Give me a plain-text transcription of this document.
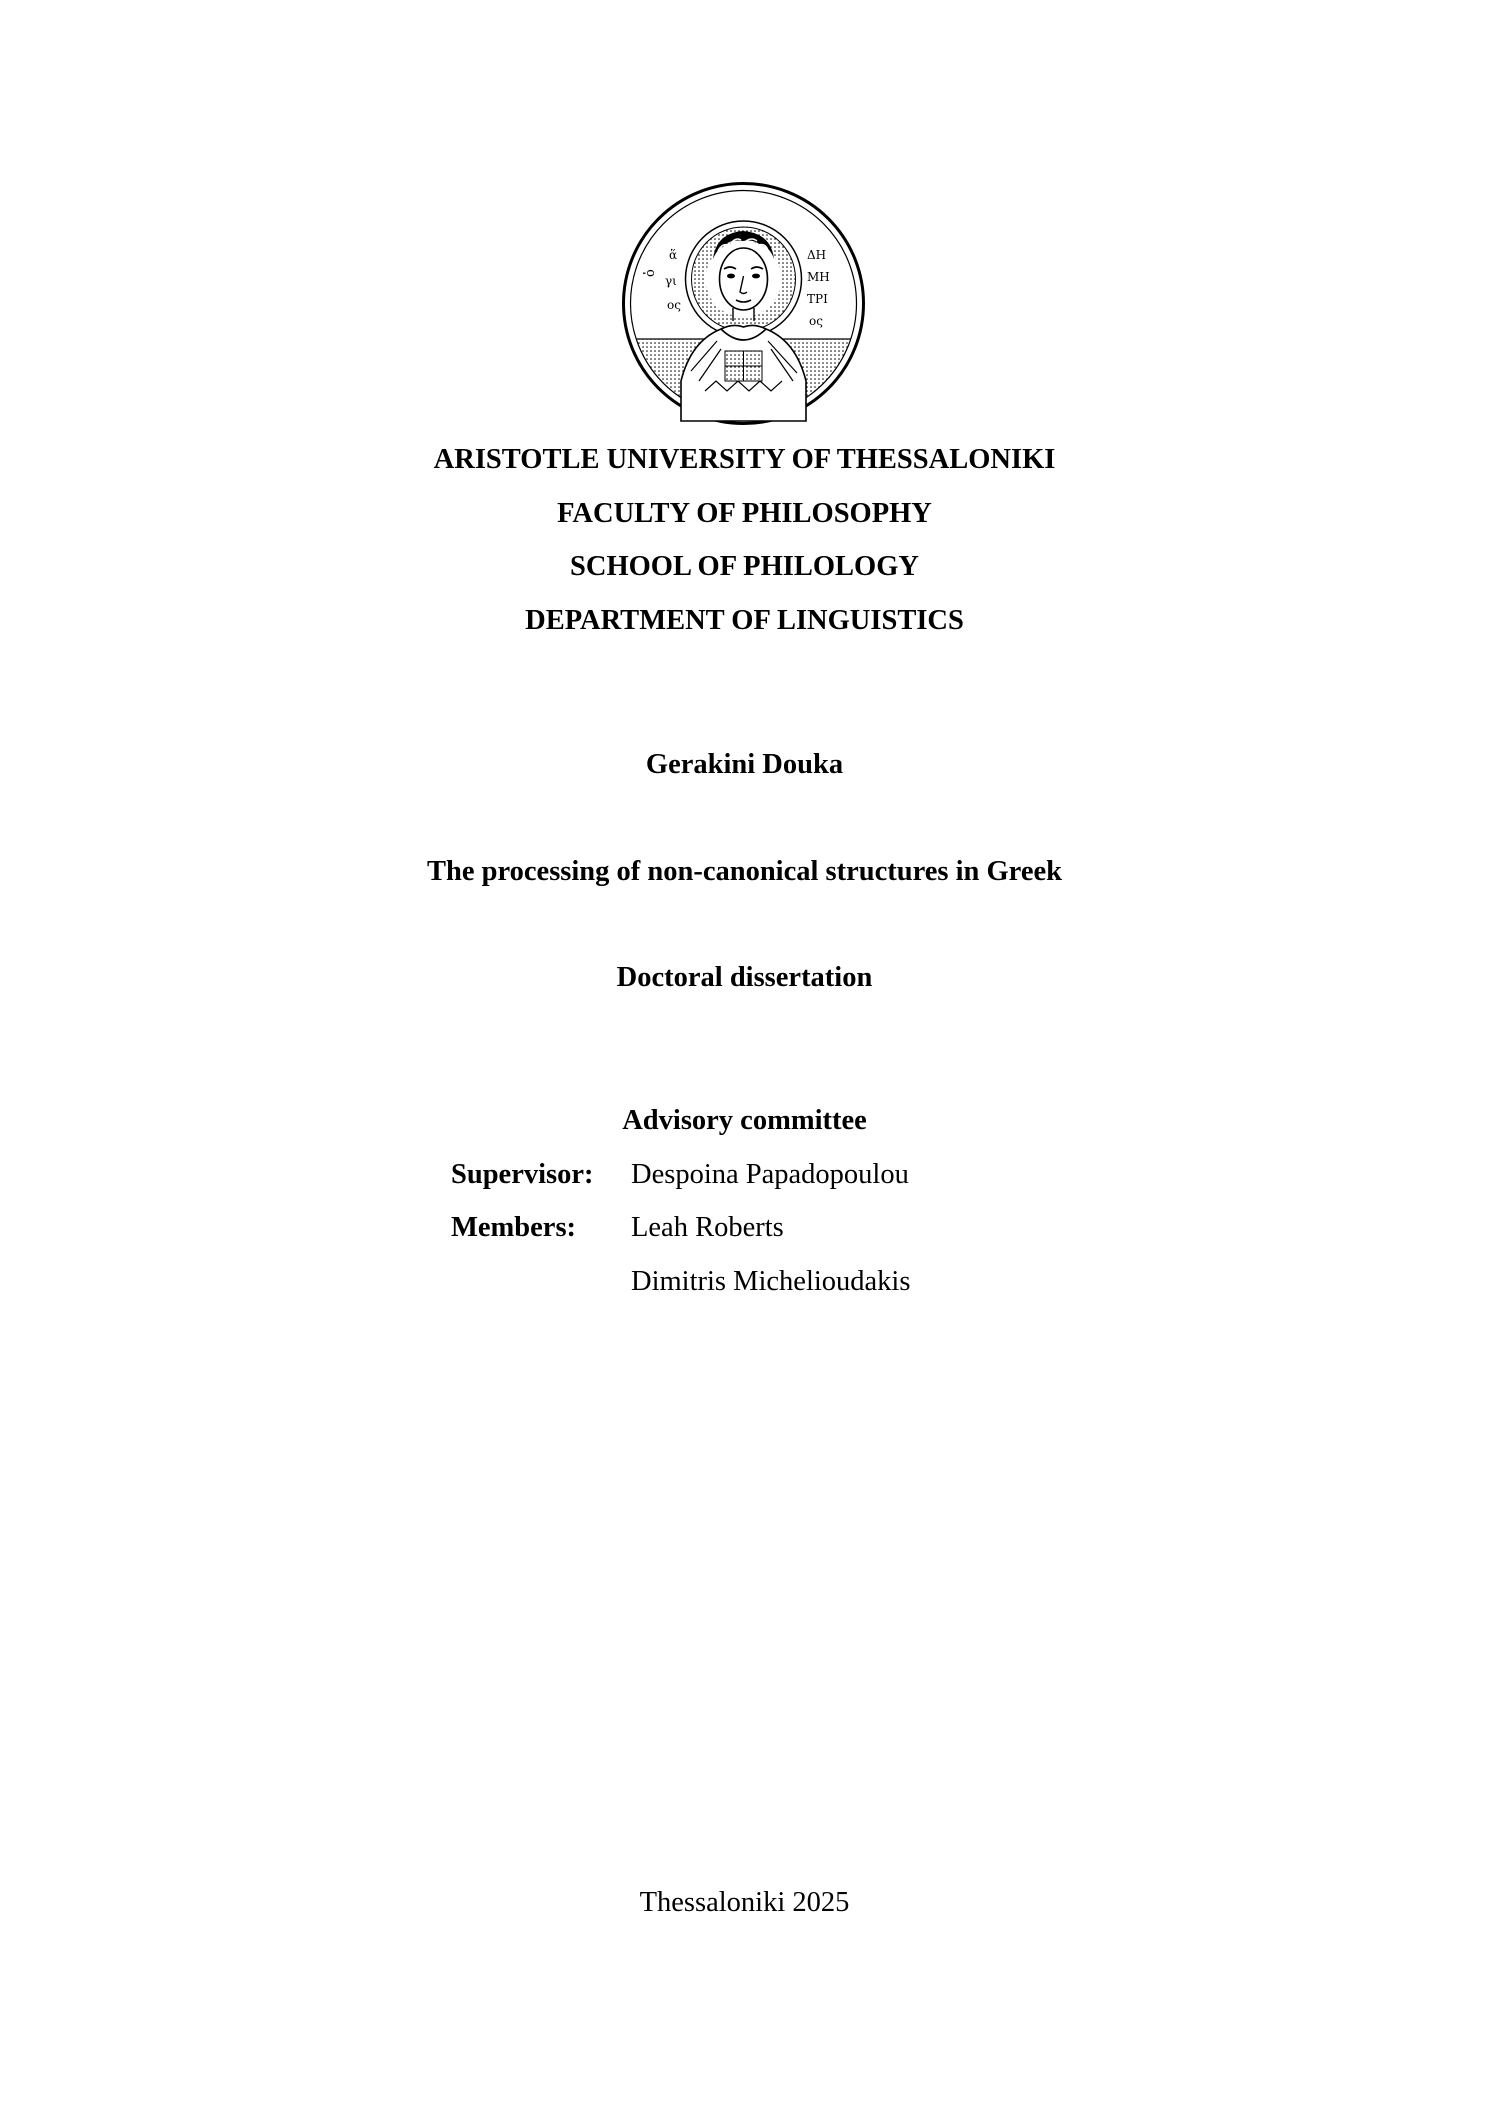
ὁ
ἅ
γι
ος
ΔΗ
ΜΗ
ΤΡΙ
ος
ARISTOTLE UNIVERSITY OF THESSALONIKI
FACULTY OF PHILOSOPHY
SCHOOL OF PHILOLOGY
DEPARTMENT OF LINGUISTICS
Gerakini Douka
The processing of non-canonical structures in Greek
Doctoral dissertation
Advisory committee
Supervisor: Despoina Papadopoulou
Members: Leah Roberts
Dimitris Michelioudakis
Thessaloniki 2025
